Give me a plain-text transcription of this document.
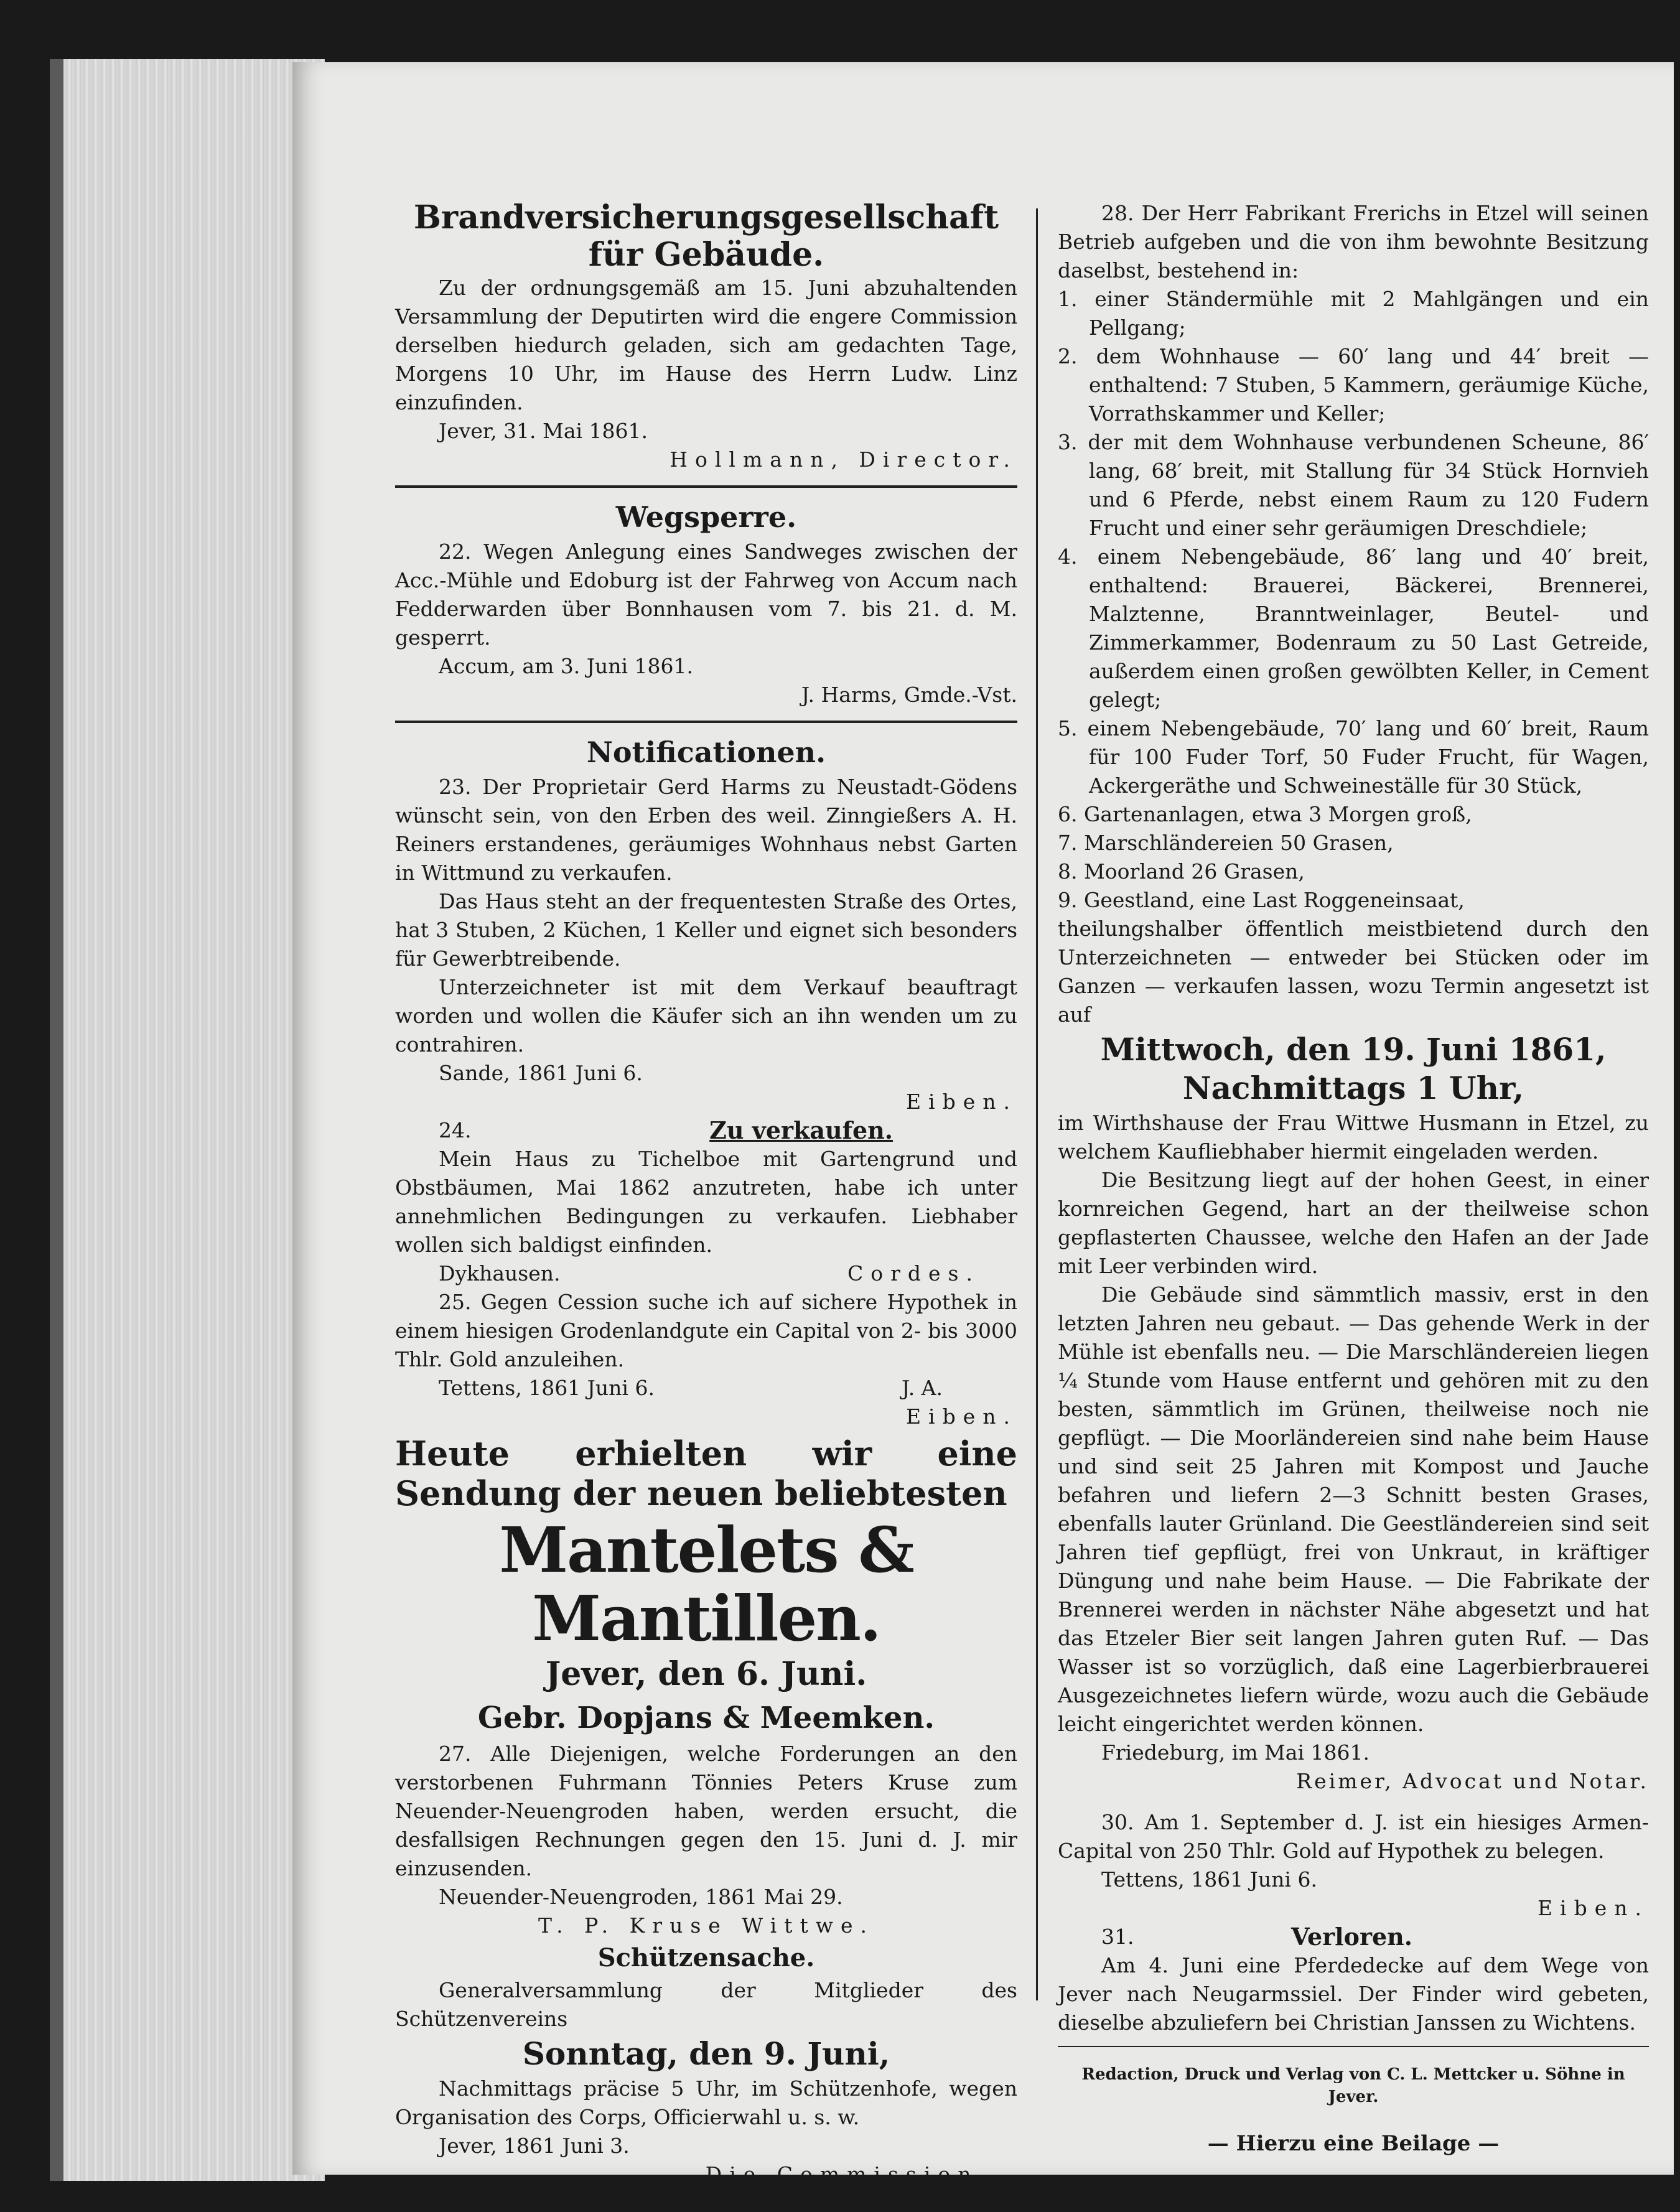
Brandversicherungsgesellschaft für Gebäude.

Zu der ordnungsgemäß am 15. Juni abzuhaltenden Versammlung der Deputirten wird die engere Commission derselben hiedurch geladen, sich am gedachten Tage, Morgens 10 Uhr, im Hause des Herrn Ludw. Linz einzufinden.

Jever, 31. Mai 1861.

Hollmann, Director.

Wegsperre.

22. Wegen Anlegung eines Sandweges zwischen der Acc.-Mühle und Edoburg ist der Fahrweg von Accum nach Fedderwarden über Bonnhausen vom 7. bis 21. d. M. gesperrt.

Accum, am 3. Juni 1861.

J. Harms, Gmde.-Vst.

Notificationen.

23. Der Proprietair Gerd Harms zu Neustadt-Gödens wünscht sein, von den Erben des weil. Zinngießers A. H. Reiners erstandenes, geräumiges Wohnhaus nebst Garten in Wittmund zu verkaufen.

Das Haus steht an der frequentesten Straße des Ortes, hat 3 Stuben, 2 Küchen, 1 Keller und eignet sich besonders für Gewerbtreibende.

Unterzeichneter ist mit dem Verkauf beauftragt worden und wollen die Käufer sich an ihn wenden um zu contrahiren.

Sande, 1861 Juni 6.

Eiben.

24.	Zu verkaufen.

Mein Haus zu Tichelboe mit Gartengrund und Obstbäumen, Mai 1862 anzutreten, habe ich unter annehmlichen Bedingungen zu verkaufen. Liebhaber wollen sich baldigst einfinden.

Dykhausen.	Cordes.

25. Gegen Cession suche ich auf sichere Hypothek in einem hiesigen Grodenlandgute ein Capital von 2- bis 3000 Thlr. Gold anzuleihen.

Tettens, 1861 Juni 6.	J. A.

Eiben.

Heute erhielten wir eine Sendung der neuen beliebtesten

Mantelets & Mantillen.

Jever, den 6. Juni.

Gebr. Dopjans & Meemken.

27. Alle Diejenigen, welche Forderungen an den verstorbenen Fuhrmann Tönnies Peters Kruse zum Neuender-Neuengroden haben, werden ersucht, die desfallsigen Rechnungen gegen den 15. Juni d. J. mir einzusenden.

Neuender-Neuengroden, 1861 Mai 29.

T. P. Kruse Wittwe.

Schützensache.

Generalversammlung der Mitglieder des Schützenvereins

Sonntag, den 9. Juni,

Nachmittags präcise 5 Uhr, im Schützenhofe, wegen Organisation des Corps, Officierwahl u. s. w.

Jever, 1861 Juni 3.

Die Commission.

28. Der Herr Fabrikant Frerichs in Etzel will seinen Betrieb aufgeben und die von ihm bewohnte Besitzung daselbst, bestehend in:

1. einer Ständermühle mit 2 Mahlgängen und ein Pellgang;

2. dem Wohnhause — 60′ lang und 44′ breit — enthaltend: 7 Stuben, 5 Kammern, geräumige Küche, Vorrathskammer und Keller;

3. der mit dem Wohnhause verbundenen Scheune, 86′ lang, 68′ breit, mit Stallung für 34 Stück Hornvieh und 6 Pferde, nebst einem Raum zu 120 Fudern Frucht und einer sehr geräumigen Dreschdiele;

4. einem Nebengebäude, 86′ lang und 40′ breit, enthaltend: Brauerei, Bäckerei, Brennerei, Malztenne, Branntweinlager, Beutel- und Zimmerkammer, Bodenraum zu 50 Last Getreide, außerdem einen großen gewölbten Keller, in Cement gelegt;

5. einem Nebengebäude, 70′ lang und 60′ breit, Raum für 100 Fuder Torf, 50 Fuder Frucht, für Wagen, Ackergeräthe und Schweineställe für 30 Stück,

6. Gartenanlagen, etwa 3 Morgen groß,

7. Marschländereien 50 Grasen,

8. Moorland 26 Grasen,

9. Geestland, eine Last Roggeneinsaat,

theilungshalber öffentlich meistbietend durch den Unterzeichneten — entweder bei Stücken oder im Ganzen — verkaufen lassen, wozu Termin angesetzt ist auf

Mittwoch, den 19. Juni 1861,

Nachmittags 1 Uhr,

im Wirthshause der Frau Wittwe Husmann in Etzel, zu welchem Kaufliebhaber hiermit eingeladen werden.

Die Besitzung liegt auf der hohen Geest, in einer kornreichen Gegend, hart an der theilweise schon gepflasterten Chaussee, welche den Hafen an der Jade mit Leer verbinden wird.

Die Gebäude sind sämmtlich massiv, erst in den letzten Jahren neu gebaut. — Das gehende Werk in der Mühle ist ebenfalls neu. — Die Marschländereien liegen ¼ Stunde vom Hause entfernt und gehören mit zu den besten, sämmtlich im Grünen, theilweise noch nie gepflügt. — Die Moorländereien sind nahe beim Hause und sind seit 25 Jahren mit Kompost und Jauche befahren und liefern 2—3 Schnitt besten Grases, ebenfalls lauter Grünland. Die Geestländereien sind seit Jahren tief gepflügt, frei von Unkraut, in kräftiger Düngung und nahe beim Hause. — Die Fabrikate der Brennerei werden in nächster Nähe abgesetzt und hat das Etzeler Bier seit langen Jahren guten Ruf. — Das Wasser ist so vorzüglich, daß eine Lagerbierbrauerei Ausgezeichnetes liefern würde, wozu auch die Gebäude leicht eingerichtet werden können.

Friedeburg, im Mai 1861.

Reimer, Advocat und Notar.

30. Am 1. September d. J. ist ein hiesiges Armen-Capital von 250 Thlr. Gold auf Hypothek zu belegen.

Tettens, 1861 Juni 6.

Eiben.

31.	Verloren.

Am 4. Juni eine Pferdedecke auf dem Wege von Jever nach Neugarmssiel. Der Finder wird gebeten, dieselbe abzuliefern bei Christian Janssen zu Wichtens.

Redaction, Druck und Verlag von C. L. Mettcker u. Söhne in Jever.

— Hierzu eine Beilage —
